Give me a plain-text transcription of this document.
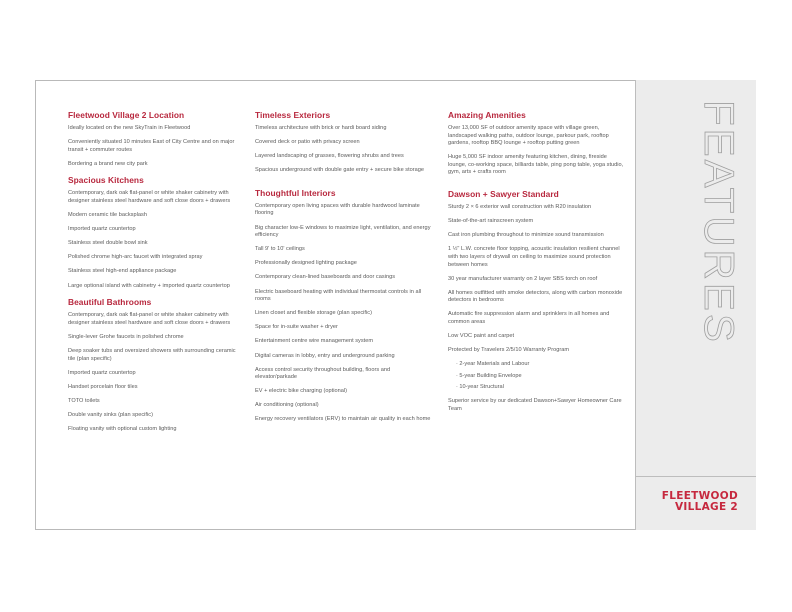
Fleetwood Village 2 Location

Ideally located on the new SkyTrain in Fleetwood

Conveniently situated 10 minutes East of City Centre and on major transit + commuter routes

Bordering a brand new city park

Spacious Kitchens

Contemporary, dark oak flat-panel or white shaker cabinetry with designer stainless steel hardware and soft close doors + drawers

Modern ceramic tile backsplash

Imported quartz countertop

Stainless steel double bowl sink

Polished chrome high-arc faucet with integrated spray

Stainless steel high-end appliance package

Large optional island with cabinetry + imported quartz countertop

Beautiful Bathrooms

Contemporary, dark oak flat-panel or white shaker cabinetry with designer stainless steel hardware and soft close doors + drawers

Single-lever Grohe faucets in polished chrome

Deep soaker tubs and oversized showers with surrounding ceramic tile (plan specific)

Imported quartz countertop

Handset porcelain floor tiles

TOTO toilets

Double vanity sinks (plan specific)

Floating vanity with optional custom lighting

Timeless Exteriors

Timeless architecture with brick or hardi board siding

Covered deck or patio with privacy screen

Layered landscaping of grasses, flowering shrubs and trees

Spacious underground with double gate entry + secure bike storage

Thoughtful Interiors

Contemporary open living spaces with durable hardwood laminate flooring

Big character low-E windows to maximize light, ventilation, and energy efficiency

Tall 9' to 10' ceilings

Professionally designed lighting package

Contemporary clean-lined baseboards and door casings

Electric baseboard heating with individual thermostat controls in all rooms

Linen closet and flexible storage (plan specific)

Space for in-suite washer + dryer

Entertainment centre wire management system

Digital cameras in lobby, entry and underground parking

Access control security throughout building, floors and elevator/parkade

EV + electric bike charging (optional)

Air conditioning (optional)

Energy recovery ventilators (ERV) to maintain air quality in each home

Amazing Amenities

Over 13,000 SF of outdoor amenity space with village green, landscaped walking paths, outdoor lounge, parkour park, rooftop gardens, rooftop BBQ lounge + rooftop putting green

Huge 5,000 SF indoor amenity featuring kitchen, dining, fireside lounge, co-working space, billiards table, ping pong table, yoga studio, gym, arts + crafts room

Dawson + Sawyer Standard

Sturdy 2 × 6 exterior wall construction with R20 insulation

State-of-the-art rainscreen system

Cast iron plumbing throughout to minimize sound transmission

1 ½" L.W. concrete floor topping, acoustic insulation resilient channel with two layers of drywall on ceiling to maximize sound protection between homes

30 year manufacturer warranty on 2 layer SBS torch on roof

All homes outfitted with smoke detectors, along with carbon monoxide detectors in bedrooms

Automatic fire suppression alarm and sprinklers in all homes and common areas

Low VOC paint and carpet

Protected by Travelers 2/5/10 Warranty Program

· 2-year Materials and Labour
· 5-year Building Envelope
· 10-year Structural

Superior service by our dedicated Dawson+Sawyer Homeowner Care Team

FEATURES
FLEETWOOD
VILLAGE 2
